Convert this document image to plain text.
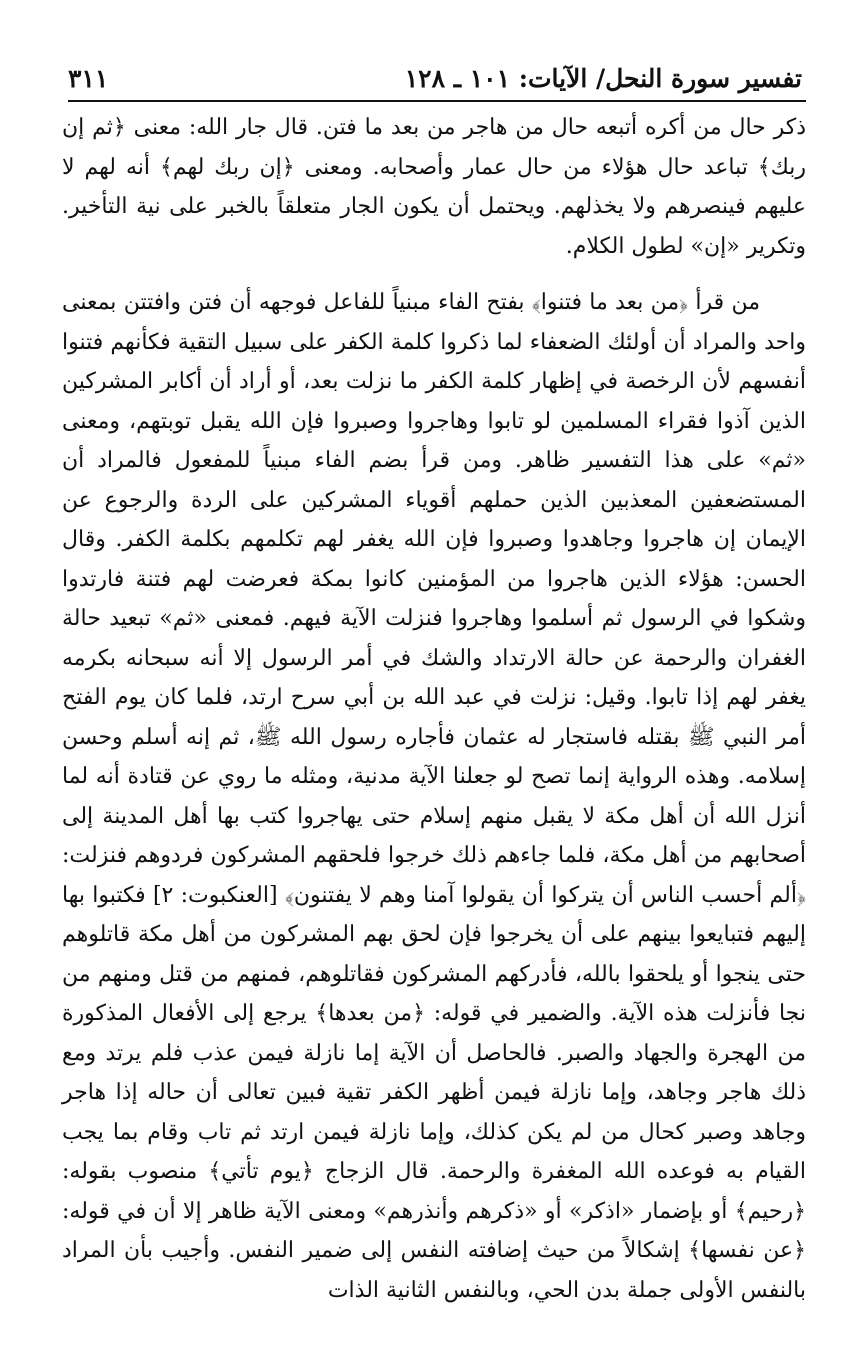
تفسير سورة النحل/ الآيات: ١٠١ ـ ١٢٨
٣١١

ذكر حال من أكره أتبعه حال من هاجر من بعد ما فتن. قال جار الله: معنى ﴿ثم إن ربك﴾ تباعد حال هؤلاء من حال عمار وأصحابه. ومعنى ﴿إن ربك لهم﴾ أنه لهم لا عليهم فينصرهم ولا يخذلهم. ويحتمل أن يكون الجار متعلقاً بالخبر على نية التأخير. وتكرير «إن» لطول الكلام.

من قرأ ﴿من بعد ما فتنوا﴾ بفتح الفاء مبنياً للفاعل فوجهه أن فتن وافتتن بمعنى واحد والمراد أن أولئك الضعفاء لما ذكروا كلمة الكفر على سبيل التقية فكأنهم فتنوا أنفسهم لأن الرخصة في إظهار كلمة الكفر ما نزلت بعد، أو أراد أن أكابر المشركين الذين آذوا فقراء المسلمين لو تابوا وهاجروا وصبروا فإن الله يقبل توبتهم، ومعنى «ثم» على هذا التفسير ظاهر. ومن قرأ بضم الفاء مبنياً للمفعول فالمراد أن المستضعفين المعذبين الذين حملهم أقوياء المشركين على الردة والرجوع عن الإيمان إن هاجروا وجاهدوا وصبروا فإن الله يغفر لهم تكلمهم بكلمة الكفر. وقال الحسن: هؤلاء الذين هاجروا من المؤمنين كانوا بمكة فعرضت لهم فتنة فارتدوا وشكوا في الرسول ثم أسلموا وهاجروا فنزلت الآية فيهم. فمعنى «ثم» تبعيد حالة الغفران والرحمة عن حالة الارتداد والشك في أمر الرسول إلا أنه سبحانه بكرمه يغفر لهم إذا تابوا. وقيل: نزلت في عبد الله بن أبي سرح ارتد، فلما كان يوم الفتح أمر النبي ﷺ بقتله فاستجار له عثمان فأجاره رسول الله ﷺ، ثم إنه أسلم وحسن إسلامه. وهذه الرواية إنما تصح لو جعلنا الآية مدنية، ومثله ما روي عن قتادة أنه لما أنزل الله أن أهل مكة لا يقبل منهم إسلام حتى يهاجروا كتب بها أهل المدينة إلى أصحابهم من أهل مكة، فلما جاءهم ذلك خرجوا فلحقهم المشركون فردوهم فنزلت: ﴿ألم أحسب الناس أن يتركوا أن يقولوا آمنا وهم لا يفتنون﴾ [العنكبوت: ٢] فكتبوا بها إليهم فتبايعوا بينهم على أن يخرجوا فإن لحق بهم المشركون من أهل مكة قاتلوهم حتى ينجوا أو يلحقوا بالله، فأدركهم المشركون فقاتلوهم، فمنهم من قتل ومنهم من نجا فأنزلت هذه الآية. والضمير في قوله: ﴿من بعدها﴾ يرجع إلى الأفعال المذكورة من الهجرة والجهاد والصبر. فالحاصل أن الآية إما نازلة فيمن عذب فلم يرتد ومع ذلك هاجر وجاهد، وإما نازلة فيمن أظهر الكفر تقية فبين تعالى أن حاله إذا هاجر وجاهد وصبر كحال من لم يكن كذلك، وإما نازلة فيمن ارتد ثم تاب وقام بما يجب القيام به فوعده الله المغفرة والرحمة. قال الزجاج ﴿يوم تأتي﴾ منصوب بقوله: ﴿رحيم﴾ أو بإضمار «اذكر» أو «ذكرهم وأنذرهم» ومعنى الآية ظاهر إلا أن في قوله: ﴿عن نفسها﴾ إشكالاً من حيث إضافته النفس إلى ضمير النفس. وأجيب بأن المراد بالنفس الأولى جملة بدن الحي، وبالنفس الثانية الذات
